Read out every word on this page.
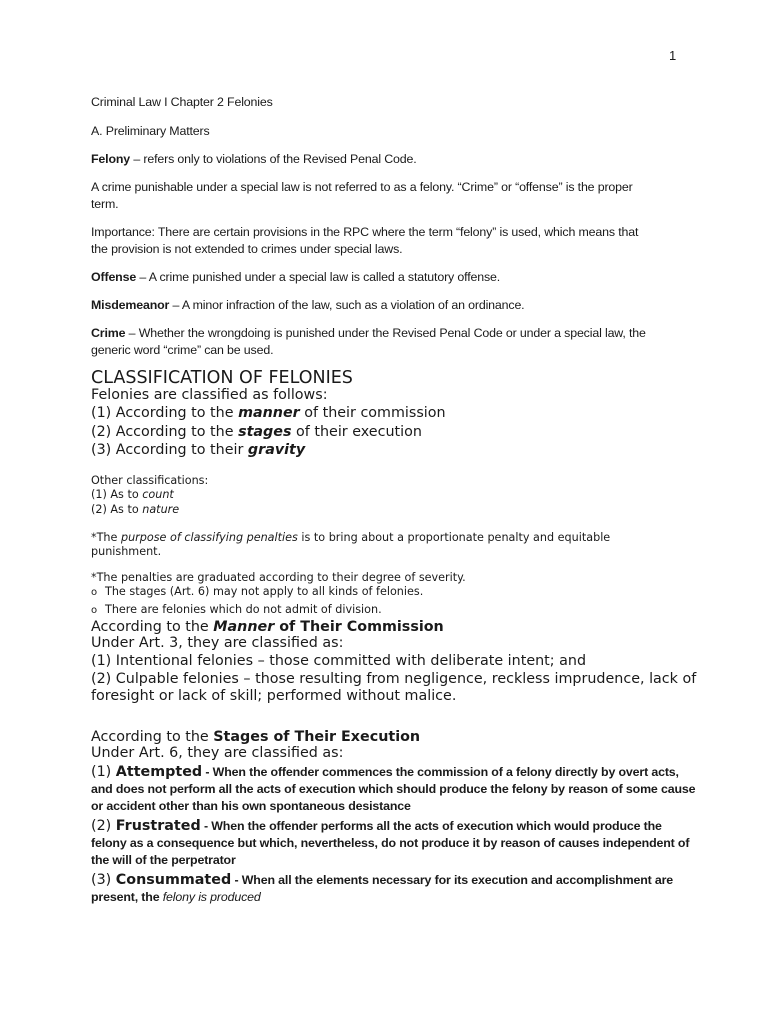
1
Criminal Law I Chapter 2 Felonies
A. Preliminary Matters
Felony – refers only to violations of the Revised Penal Code.
A crime punishable under a special law is not referred to as a felony. “Crime” or “offense” is the proper
term.
Importance: There are certain provisions in the RPC where the term “felony” is used, which means that
the provision is not extended to crimes under special laws.
Offense – A crime punished under a special law is called a statutory offense.
Misdemeanor – A minor infraction of the law, such as a violation of an ordinance.
Crime – Whether the wrongdoing is punished under the Revised Penal Code or under a special law, the
generic word “crime” can be used.
CLASSIFICATION OF FELONIES
Felonies are classified as follows:
(1) According to the manner of their commission
(2) According to the stages of their execution
(3) According to their gravity
Other classifications:
(1) As to count
(2) As to nature
*The purpose of classifying penalties is to bring about a proportionate penalty and equitable
punishment.
*The penalties are graduated according to their degree of severity.
o The stages (Art. 6) may not apply to all kinds of felonies.
o There are felonies which do not admit of division.
According to the Manner of Their Commission
Under Art. 3, they are classified as:
(1) Intentional felonies – those committed with deliberate intent; and
(2) Culpable felonies – those resulting from negligence, reckless imprudence, lack of
foresight or lack of skill; performed without malice.
According to the Stages of Their Execution
Under Art. 6, they are classified as:
(1) Attempted - When the offender commences the commission of a felony directly by overt acts,
and does not perform all the acts of execution which should produce the felony by reason of some cause
or accident other than his own spontaneous desistance
(2) Frustrated - When the offender performs all the acts of execution which would produce the
felony as a consequence but which, nevertheless, do not produce it by reason of causes independent of
the will of the perpetrator
(3) Consummated - When all the elements necessary for its execution and accomplishment are
present, the felony is produced
